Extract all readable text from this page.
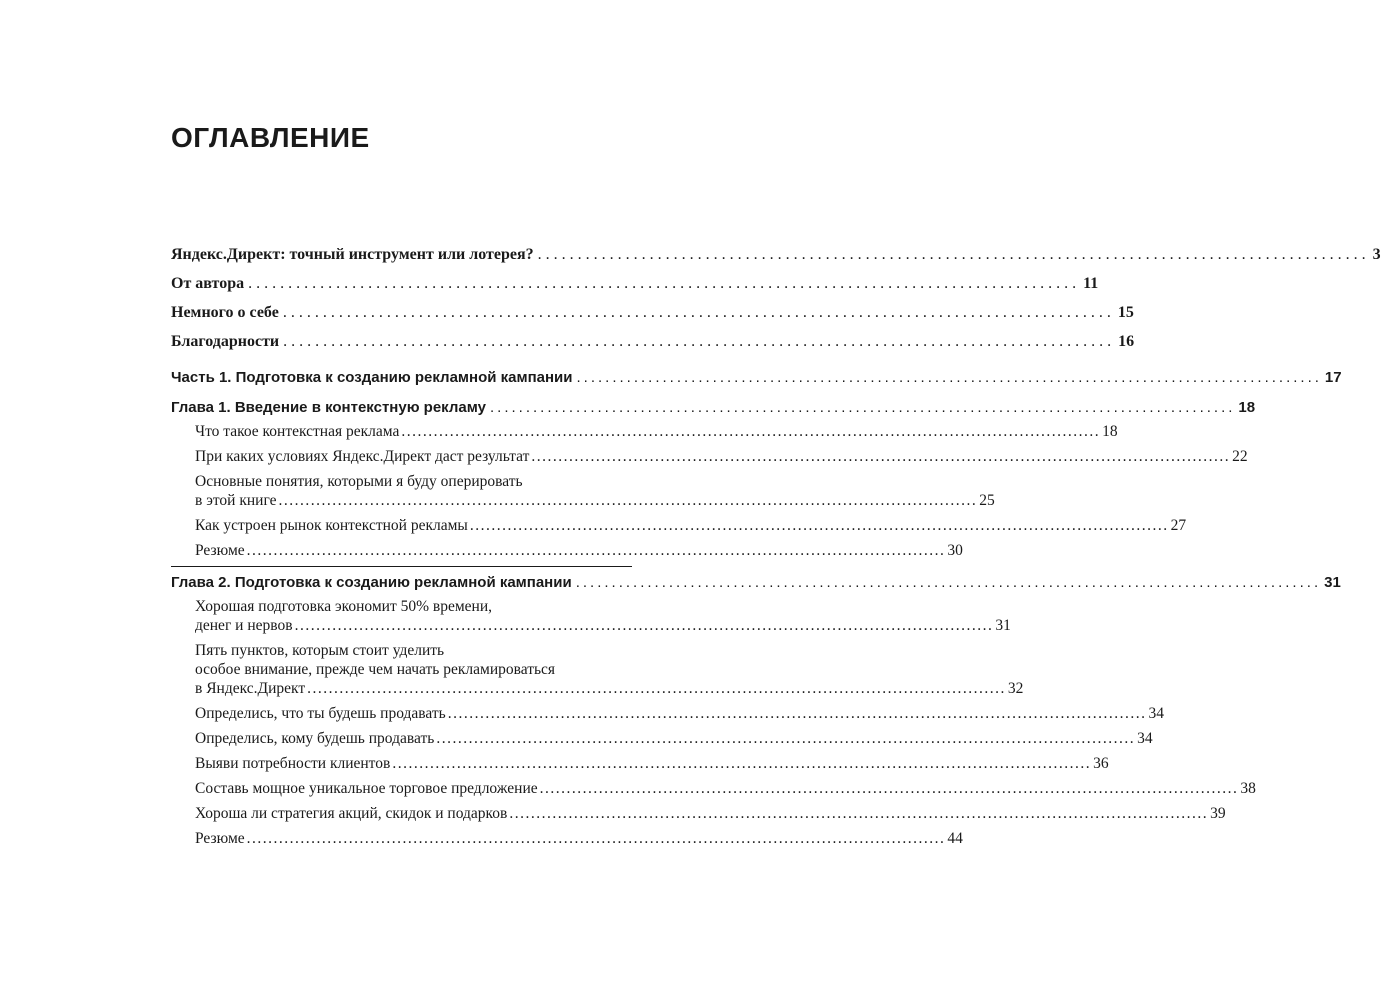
ОГЛАВЛЕНИЕ
Яндекс.Директ: точный инструмент или лотерея? ........................................................................................................ 3
От автора ........................................................................................................ 11
Немного о себе ........................................................................................................ 15
Благодарности ........................................................................................................ 16
Часть 1. Подготовка к созданию рекламной кампании ........................................................................................................ 17
Глава 1. Введение в контекстную рекламу ........................................................................................................ 18
Что такое контекстная реклама .................................................................................................................................. 18
При каких условиях Яндекс.Директ даст результат .................................................................................................................................. 22
Основные понятия, которыми я буду оперировать
в этой книге .................................................................................................................................. 25
Как устроен рынок контекстной рекламы .................................................................................................................................. 27
Резюме .................................................................................................................................. 30
Глава 2. Подготовка к созданию рекламной кампании ........................................................................................................ 31
Хорошая подготовка экономит 50% времени,
денег и нервов .................................................................................................................................. 31
Пять пунктов, которым стоит уделить
особое внимание, прежде чем начать рекламироваться
в Яндекс.Директ .................................................................................................................................. 32
Определись, что ты будешь продавать .................................................................................................................................. 34
Определись, кому будешь продавать .................................................................................................................................. 34
Выяви потребности клиентов .................................................................................................................................. 36
Составь мощное уникальное торговое предложение .................................................................................................................................. 38
Хороша ли стратегия акций, скидок и подарков .................................................................................................................................. 39
Резюме .................................................................................................................................. 44
